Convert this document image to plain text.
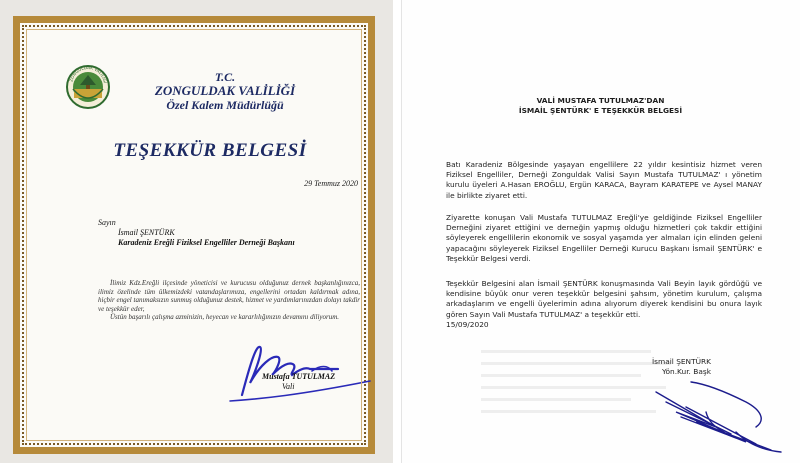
ZONGULDAK VALİLİĞİ	T.C.
ZONGULDAK VALİLİĞİ
Özel Kalem Müdürlüğü
TEŞEKKÜR BELGESİ
29 Temmuz 2020
Sayın
İsmail ŞENTÜRK
Karadeniz Ereğli Fiziksel Engelliler Derneği Başkanı

İlimiz Kdz.Ereğli ilçesinde yöneticisi ve kurucusu olduğunuz dernek başkanlığınızca, ilimiz özelinde tüm ülkemizdeki vatandaşlarımıza, engellerini ortadan kaldırmak adına, hiçbir engel tanımaksızın sunmuş olduğunuz destek, hizmet ve yardımlarınızdan dolayı takdir ve teşekkür eder,

Üstün başarılı çalışma azminizin, heyecan ve kararlılığınızın devamını diliyorum.

Mustafa TUTULMAZ
Vali
VALİ MUSTAFA TUTULMAZ'DAN
İSMAİL ŞENTÜRK' E TEŞEKKÜR BELGESİ

Batı Karadeniz Bölgesinde yaşayan engellilere 22 yıldır kesintisiz hizmet veren Fiziksel Engelliler, Derneği Zonguldak Valisi Sayın Mustafa TUTULMAZ' ı yönetim kurulu üyeleri A.Hasan EROĞLU, Ergün KARACA, Bayram KARATEPE ve Aysel MANAY ile birlikte ziyaret etti.

Ziyarette konuşan Vali Mustafa TUTULMAZ Ereğli'ye geldiğinde Fiziksel Engelliler Derneğini ziyaret ettiğini ve derneğin yapmış olduğu hizmetleri çok takdir ettiğini söyleyerek engellilerin ekonomik ve sosyal yaşamda yer almaları için elinden geleni yapacağını söyleyerek Fiziksel Engelliler Derneği Kurucu Başkanı İsmail ŞENTÜRK' e Teşekkür Belgesi verdi.

Teşekkür Belgesini alan İsmail ŞENTÜRK konuşmasında Vali Beyin layık gördüğü ve kendisine büyük onur veren teşekkür belgesini şahsım, yönetim kurulum, çalışma arkadaşlarım ve engelli üyelerimin adına alıyorum diyerek kendisini bu onura layık gören Sayın Vali Mustafa TUTULMAZ' a teşekkür etti.
15/09/2020
İsmail ŞENTÜRK
Yön.Kur. Başk
